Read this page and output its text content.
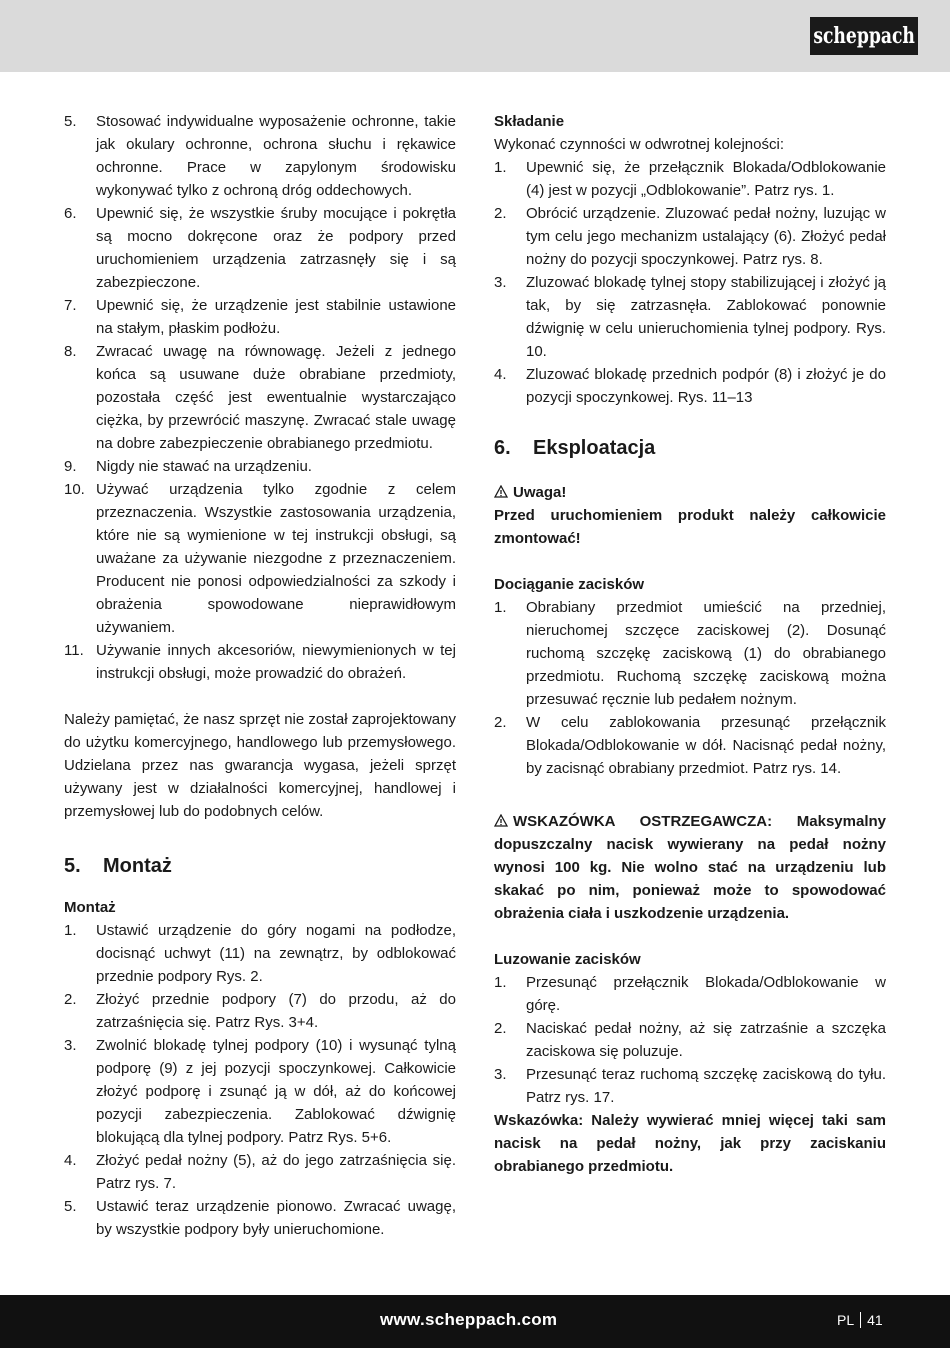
scheppach
5.	Stosować indywidualne wyposażenie ochronne, takie jak okulary ochronne, ochrona słuchu i rękawice ochronne. Prace w zapylonym środowisku wykonywać tylko z ochroną dróg oddechowych.
6.	Upewnić się, że wszystkie śruby mocujące i pokrętła są mocno dokręcone oraz że podpory przed uruchomieniem urządzenia zatrzasnęły się i są zabezpieczone.
7.	Upewnić się, że urządzenie jest stabilnie ustawione na stałym, płaskim podłożu.
8.	Zwracać uwagę na równowagę. Jeżeli z jednego końca są usuwane duże obrabiane przedmioty, pozostała część jest ewentualnie wystarczająco ciężka, by przewrócić maszynę. Zwracać stale uwagę na dobre zabezpieczenie obrabianego przedmiotu.
9.	Nigdy nie stawać na urządzeniu.
10. Używać urządzenia tylko zgodnie z celem przeznaczenia. Wszystkie zastosowania urządzenia, które nie są wymienione w tej instrukcji obsługi, są uważane za używanie niezgodne z przeznaczeniem. Producent nie ponosi odpowiedzialności za szkody i obrażenia spowodowane nieprawidłowym używaniem.
11. Używanie innych akcesoriów, niewymienionych w tej instrukcji obsługi, może prowadzić do obrażeń.

Należy pamiętać, że nasz sprzęt nie został zaprojektowany do użytku komercyjnego, handlowego lub przemysłowego. Udzielana przez nas gwarancja wygasa, jeżeli sprzęt używany jest w działalności komercyjnej, handlowej i przemysłowej lub do podobnych celów.

5.	Montaż

Montaż

1.	Ustawić urządzenie do góry nogami na podłodze, docisnąć uchwyt (11) na zewnątrz, by odblokować przednie podpory Rys. 2.
2.	Złożyć przednie podpory (7) do przodu, aż do zatrzaśnięcia się. Patrz Rys. 3+4.
3.	Zwolnić blokadę tylnej podpory (10) i wysunąć tylną podporę (9) z jej pozycji spoczynkowej. Całkowicie złożyć podporę i zsunąć ją w dół, aż do końcowej pozycji zabezpieczenia. Zablokować dźwignię blokującą dla tylnej podpory. Patrz Rys. 5+6.
4.	Złożyć pedał nożny (5), aż do jego zatrzaśnięcia się. Patrz rys. 7.
5.	Ustawić teraz urządzenie pionowo. Zwracać uwagę, by wszystkie podpory były unieruchomione.

Składanie

Wykonać czynności w odwrotnej kolejności:

1.	Upewnić się, że przełącznik Blokada/Odblokowanie (4) jest w pozycji „Odblokowanie”. Patrz rys. 1.
2.	Obrócić urządzenie. Zluzować pedał nożny, luzując w tym celu jego mechanizm ustalający (6). Złożyć pedał nożny do pozycji spoczynkowej. Patrz rys. 8.
3.	Zluzować blokadę tylnej stopy stabilizującej i złożyć ją tak, by się zatrzasnęła. Zablokować ponownie dźwignię w celu unieruchomienia tylnej podpory. Rys. 10.
4.	Zluzować blokadę przednich podpór (8) i złożyć je do pozycji spoczynkowej. Rys. 11–13
6.	Eksploatacja

Uwaga!

Przed uruchomieniem produkt należy całkowicie zmontować!

Dociąganie zacisków

1.	Obrabiany przedmiot umieścić na przedniej, nieruchomej szczęce zaciskowej (2). Dosunąć ruchomą szczękę zaciskową (1) do obrabianego przedmiotu. Ruchomą szczękę zaciskową można przesuwać ręcznie lub pedałem nożnym.
2.	W celu zablokowania przesunąć przełącznik Blokada/Odblokowanie w dół. Nacisnąć pedał nożny, by zacisnąć obrabiany przedmiot. Patrz rys. 14.

WSKAZÓWKA OSTRZEGAWCZA: Maksymalny dopuszczalny nacisk wywierany na pedał nożny wynosi 100 kg. Nie wolno stać na urządzeniu lub skakać po nim, ponieważ może to spowodować obrażenia ciała i uszkodzenie urządzenia.

Luzowanie zacisków

1.	Przesunąć przełącznik Blokada/Odblokowanie w górę.
2.	Naciskać pedał nożny, aż się zatrzaśnie a szczęka zaciskowa się poluzuje.
3.	Przesunąć teraz ruchomą szczękę zaciskową do tyłu. Patrz rys. 17.

Wskazówka: Należy wywierać mniej więcej taki sam nacisk na pedał nożny, jak przy zaciskaniu obrabianego przedmiotu.

www.scheppach.com	PL 41
